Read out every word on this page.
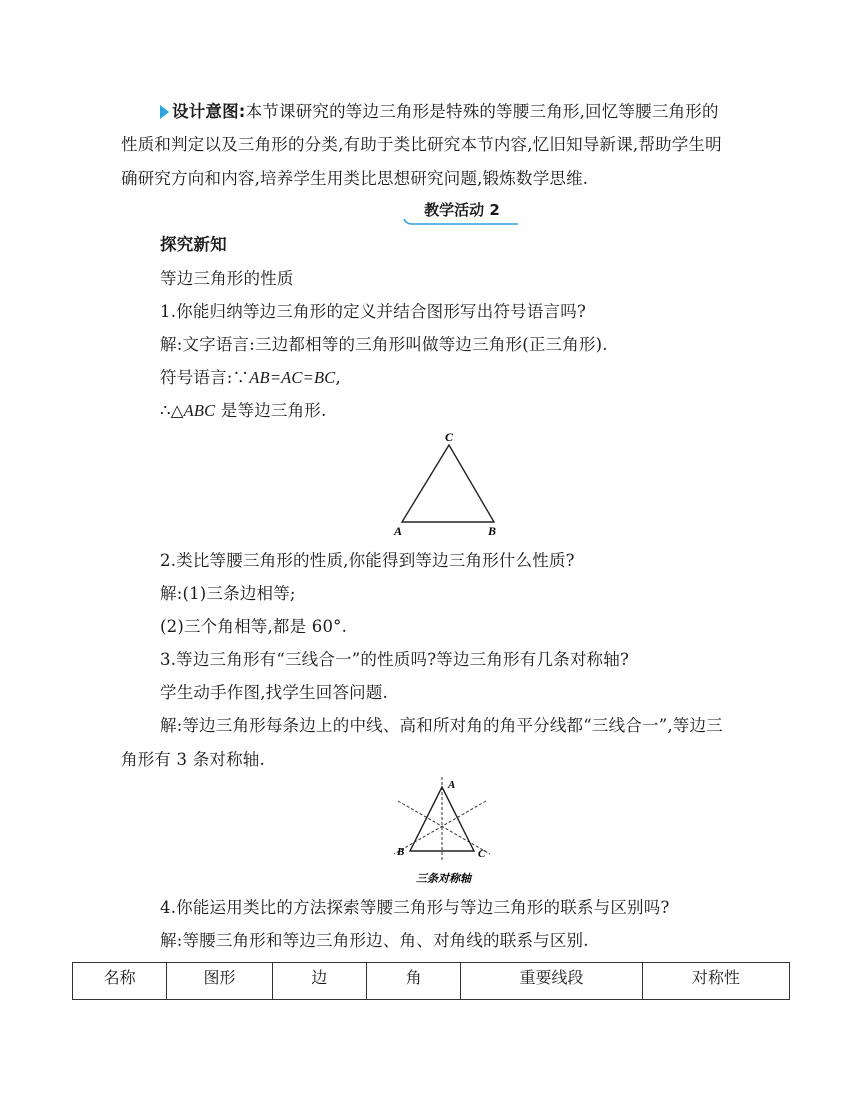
设计意图:本节课研究的等边三角形是特殊的等腰三角形,回忆等腰三角形的
性质和判定以及三角形的分类,有助于类比研究本节内容,忆旧知导新课,帮助学生明
确研究方向和内容,培养学生用类比思想研究问题,锻炼数学思维.
教学活动 2
探究新知
等边三角形的性质
1.你能归纳等边三角形的定义并结合图形写出符号语言吗?
解:文字语言:三边都相等的三角形叫做等边三角形(正三角形).
符号语言:∵AB=AC=BC,
∴△ABC 是等边三角形.
C
A	B
2.类比等腰三角形的性质,你能得到等边三角形什么性质?
解:(1)三条边相等;
(2)三个角相等,都是 60°.
3.等边三角形有“三线合一”的性质吗?等边三角形有几条对称轴?
学生动手作图,找学生回答问题.
解:等边三角形每条边上的中线、高和所对角的角平分线都“三线合一”,等边三
角形有 3 条对称轴.
A
B	C
三条对称轴
4.你能运用类比的方法探索等腰三角形与等边三角形的联系与区别吗?
解:等腰三角形和等边三角形边、角、对角线的联系与区别.
名称	图形	边	角	重要线段	对称性
